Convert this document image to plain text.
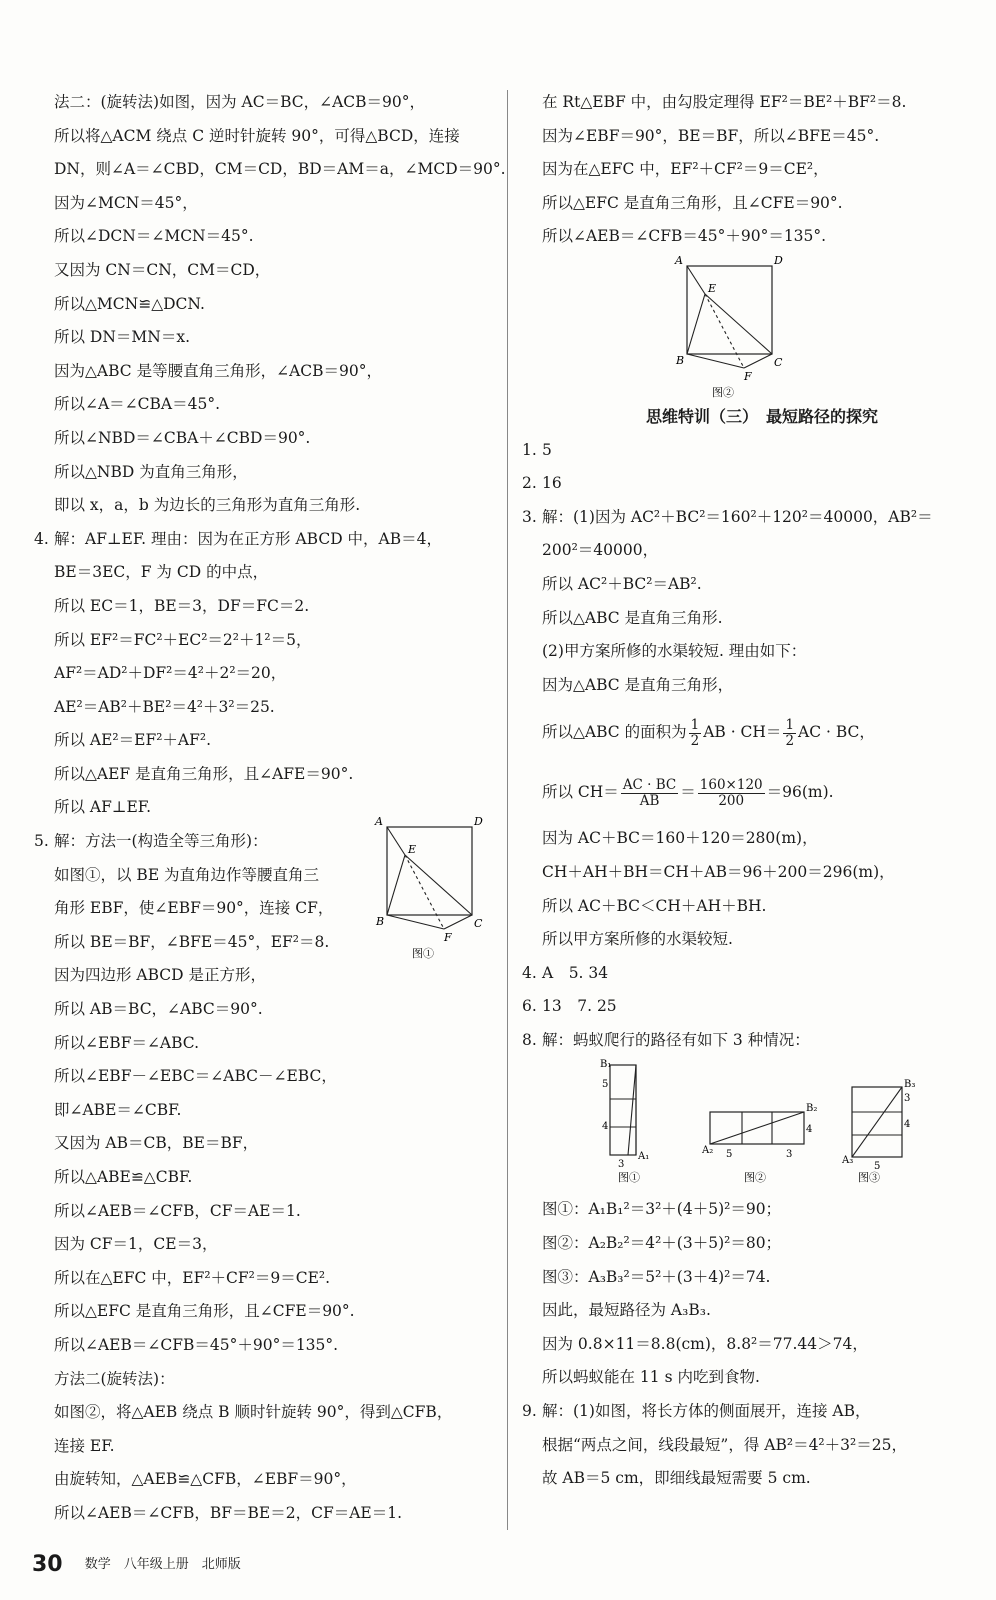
法二：(旋转法)如图，因为 AC＝BC，∠ACB＝90°，
所以将△ACM 绕点 C 逆时针旋转 90°，可得△BCD，连接
DN，则∠A＝∠CBD，CM＝CD，BD＝AM＝a，∠MCD＝90°.
因为∠MCN＝45°，
所以∠DCN＝∠MCN＝45°.
又因为 CN＝CN，CM＝CD，
所以△MCN≌△DCN.
所以 DN＝MN＝x.
因为△ABC 是等腰直角三角形，∠ACB＝90°，
所以∠A＝∠CBA＝45°.
所以∠NBD＝∠CBA＋∠CBD＝90°.
所以△NBD 为直角三角形，
即以 x，a，b 为边长的三角形为直角三角形.
4. 解：AF⊥EF. 理由：因为在正方形 ABCD 中，AB＝4，
BE＝3EC，F 为 CD 的中点，
所以 EC＝1，BE＝3，DF＝FC＝2.
所以 EF²＝FC²＋EC²＝2²＋1²＝5，
AF²＝AD²＋DF²＝4²＋2²＝20，
AE²＝AB²＋BE²＝4²＋3²＝25.
所以 AE²＝EF²＋AF².
所以△AEF 是直角三角形，且∠AFE＝90°.
所以 AF⊥EF.
5. 解：方法一(构造全等三角形)：
如图①，以 BE 为直角边作等腰直角三
角形 EBF，使∠EBF＝90°，连接 CF，
所以 BE＝BF，∠BFE＝45°，EF²＝8.
因为四边形 ABCD 是正方形，
所以 AB＝BC，∠ABC＝90°.
所以∠EBF＝∠ABC.
所以∠EBF－∠EBC＝∠ABC－∠EBC，
即∠ABE＝∠CBF.
又因为 AB＝CB，BE＝BF，
所以△ABE≌△CBF.
所以∠AEB＝∠CFB，CF＝AE＝1.
因为 CF＝1，CE＝3，
所以在△EFC 中，EF²＋CF²＝9＝CE².
所以△EFC 是直角三角形，且∠CFE＝90°.
所以∠AEB＝∠CFB＝45°＋90°＝135°.
方法二(旋转法)：
如图②，将△AEB 绕点 B 顺时针旋转 90°，得到△CFB，
连接 EF.
由旋转知，△AEB≌△CFB，∠EBF＝90°，
所以∠AEB＝∠CFB，BF＝BE＝2，CF＝AE＝1.
A	D
E
B	C
F
图①
在 Rt△EBF 中，由勾股定理得 EF²＝BE²＋BF²＝8.
因为∠EBF＝90°，BE＝BF，所以∠BFE＝45°.
因为在△EFC 中，EF²＋CF²＝9＝CE²，
所以△EFC 是直角三角形，且∠CFE＝90°.
所以∠AEB＝∠CFB＝45°＋90°＝135°.
A	D
E
B	C
F
图②
思维特训（三）　最短路径的探究
1. 5
2. 16
3. 解：(1)因为 AC²＋BC²＝160²＋120²＝40000，AB²＝
200²＝40000，
所以 AC²＋BC²＝AB².
所以△ABC 是直角三角形.
(2)甲方案所修的水渠较短. 理由如下：
因为△ABC 是直角三角形，
所以△ABC 的面积为 $\frac{1}{2}$ AB · $CH= \frac{1}{2}$ AC · BC，
所以 $CH= \frac{AC \cdot BC}{AB} = \frac{160\times 120}{200} =96(m)$.
因为 AC＋BC＝160＋120＝280(m)，
CH＋AH＋BH＝CH＋AB＝96＋200＝296(m)，
所以 AC＋BC＜CH＋AH＋BH.
所以甲方案所修的水渠较短.
4. A　5. 34
6. 13　7. 25
8. 解：蚂蚁爬行的路径有如下 3 种情况：
B₁
A₁
5
4
3
图①
B₂
A₂
4
5	3
图②
B₃
A₃
3
4
5
图③
图①：A₁B₁²＝3²＋(4＋5)²＝90；
图②：A₂B₂²＝4²＋(3＋5)²＝80；
图③：A₃B₃²＝5²＋(3＋4)²＝74.
因此，最短路径为 A₃B₃.
因为 0.8×11＝8.8(cm)，8.8²＝77.44＞74，
所以蚂蚁能在 11 s 内吃到食物.
9. 解：(1)如图，将长方体的侧面展开，连接 AB，
根据“两点之间，线段最短”，得 AB²＝4²＋3²＝25，
故 AB＝5 cm，即细线最短需要 5 cm.
30 数学　八年级上册　北师版
